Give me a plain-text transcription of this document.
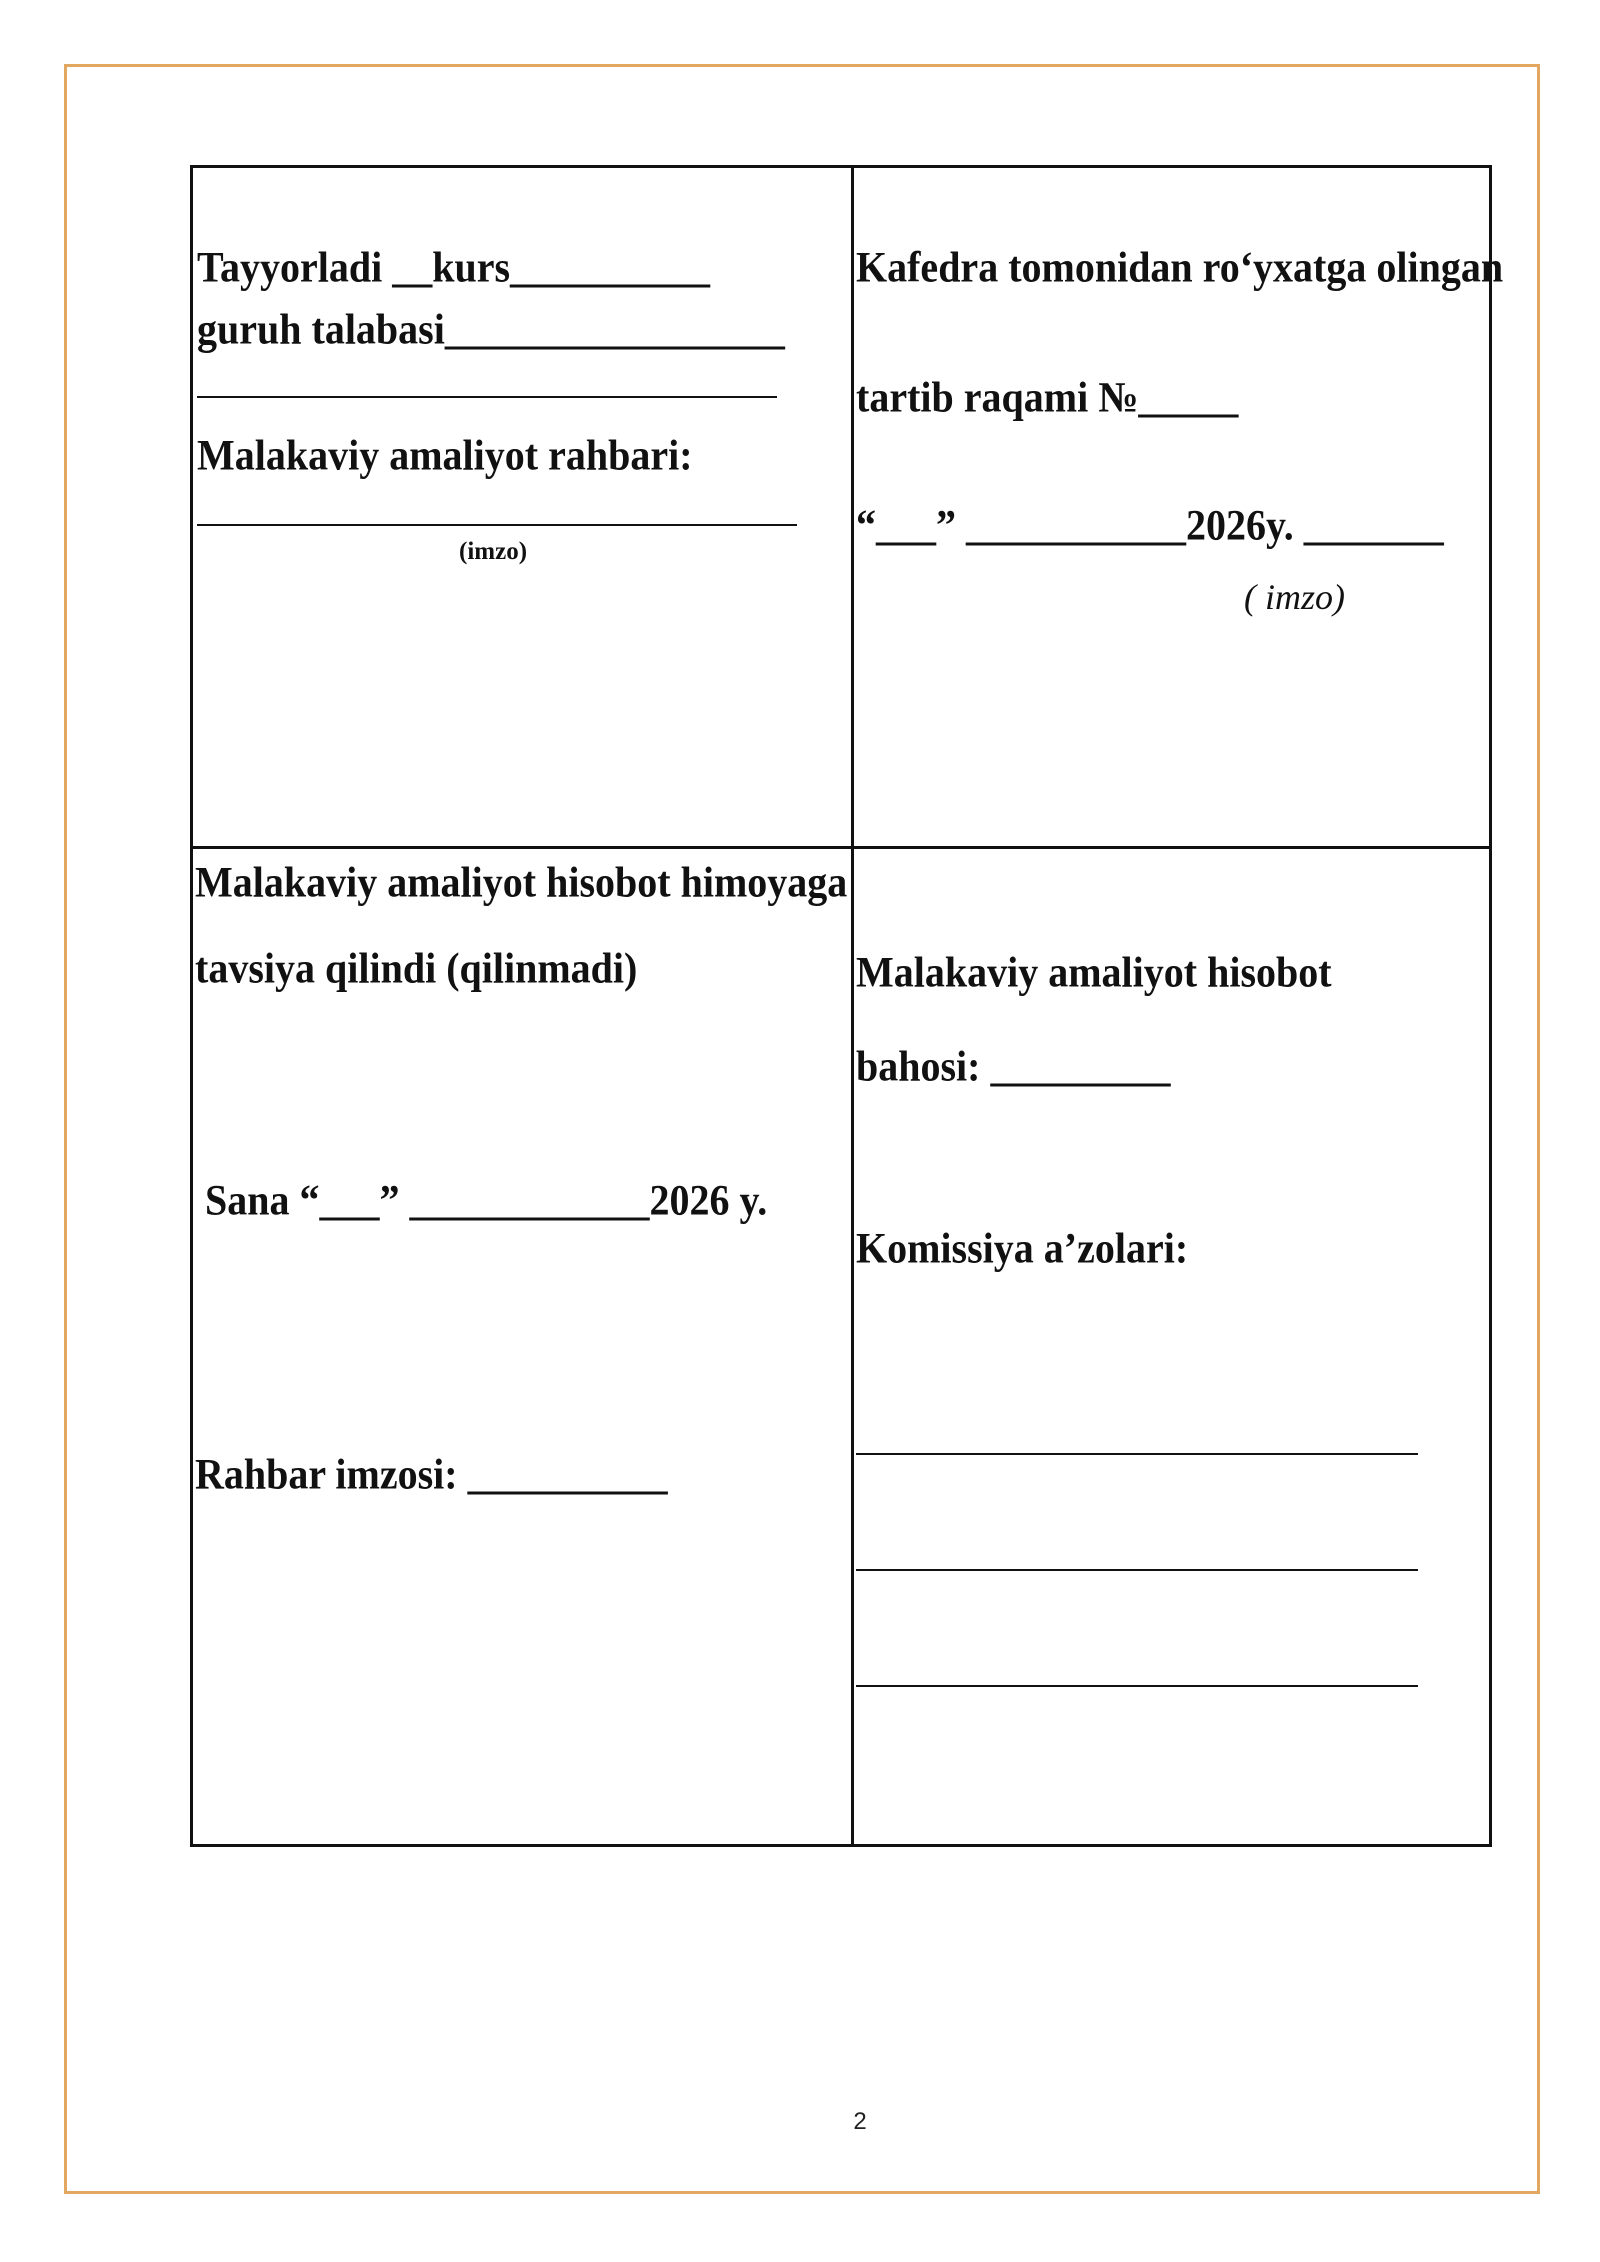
Tayyorladi __kurs__________
guruh talabasi_________________
Malakaviy amaliyot rahbari:
(imzo)
Kafedra tomonidan ro‘yxatga olingan
tartib raqami №_____
“___” ___________2026y. _______
( imzo)
Malakaviy amaliyot hisobot himoyaga
tavsiya qilindi (qilinmadi)
Sana “___” ____________2026 y.
Rahbar imzosi: __________
Malakaviy amaliyot hisobot
bahosi: _________
Komissiya a’zolari:
2
